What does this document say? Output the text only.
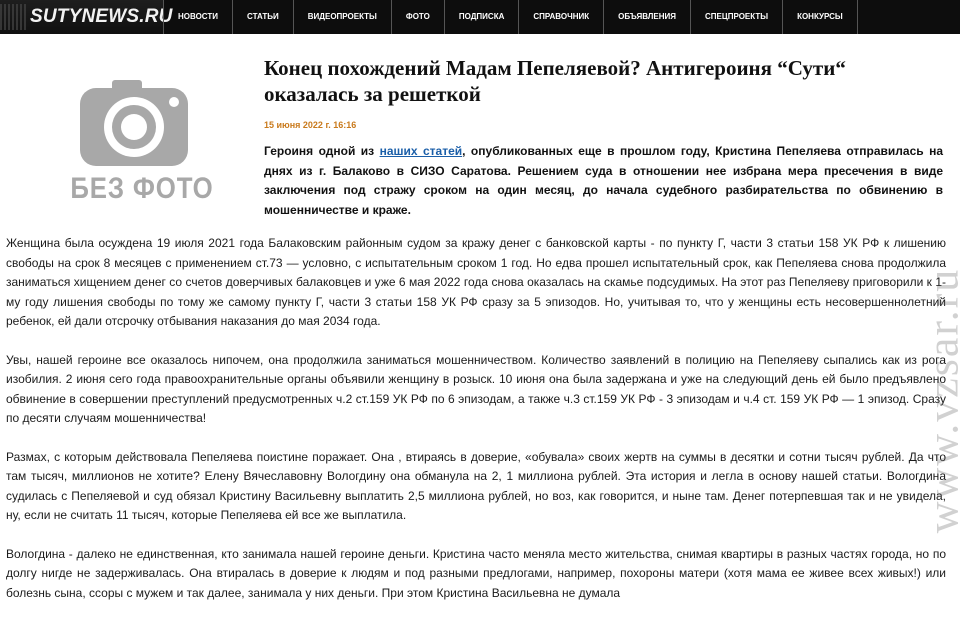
SUTYNEWS.RU НОВОСТИ	СТАТЬИ	ВИДЕОПРОЕКТЫ	ФОТО	ПОДПИСКА	СПРАВОЧНИК	ОБЪЯВЛЕНИЯ	СПЕЦПРОЕКТЫ	КОНКУРСЫ
БЕЗ ФОТО
Конец похождений Мадам Пепеляевой? Антигероиня “Сути“ оказалась за решеткой
15 июня 2022 г. 16:16
Героиня одной из наших статей, опубликованных еще в прошлом году, Кристина Пепеляева отправилась на днях из г. Балаково в СИЗО Саратова. Решением суда в отношении нее избрана мера пресечения в виде заключения под стражу сроком на один месяц, до начала судебного разбирательства по обвинению в мошенничестве и краже.

Женщина была осуждена 19 июля 2021 года Балаковским районным судом за кражу денег с банковской карты - по пункту Г, части 3 статьи 158 УК РФ к лишению свободы на срок 8 месяцев с применением ст.73 — условно, с испытательным сроком 1 год. Но едва прошел испытательный срок, как Пепеляева снова продолжила заниматься хищением денег со счетов доверчивых балаковцев и уже 6 мая 2022 года снова оказалась на скамье подсудимых. На этот раз Пепеляеву приговорили к 1-му году лишения свободы по тому же самому пункту Г, части 3 статьи 158 УК РФ сразу за 5 эпизодов. Но, учитывая то, что у женщины есть несовершеннолетний ребенок, ей дали отсрочку отбывания наказания до мая 2034 года.

Увы, нашей героине все оказалось нипочем, она продолжила заниматься мошенничеством. Количество заявлений в полицию на Пепеляеву сыпались как из рога изобилия. 2 июня сего года правоохранительные органы объявили женщину в розыск. 10 июня она была задержана и уже на следующий день ей было предъявлено обвинение в совершении преступлений предусмотренных ч.2 ст.159 УК РФ по 6 эпизодам, а также ч.3 ст.159 УК РФ - 3 эпизодам и ч.4 ст. 159 УК РФ — 1 эпизод. Сразу по десяти случаям мошенничества!

Размах, с которым действовала Пепеляева поистине поражает. Она , втираясь в доверие, «обувала» своих жертв на суммы в десятки и сотни тысяч рублей. Да что там тысяч, миллионов не хотите? Елену Вячеславовну Вологдину она обманула на 2, 1 миллиона рублей. Эта история и легла в основу нашей статьи. Вологдина судилась с Пепеляевой и суд обязал Кристину Васильевну выплатить 2,5 миллиона рублей, но воз, как говорится, и ныне там. Денег потерпевшая так и не увидела, ну, если не считать 11 тысяч, которые Пепеляева ей все же выплатила.

Вологдина - далеко не единственная, кто занимала нашей героине деньги. Кристина часто меняла место жительства, снимая квартиры в разных частях города, но по долгу нигде не задерживалась. Она втиралась в доверие к людям и под разными предлогами, например, похороны матери (хотя мама ее живее всех живых!) или болезнь сына, ссоры с мужем и так далее, занимала у них деньги. При этом Кристина Васильевна не думала

www.vzsar.ru
